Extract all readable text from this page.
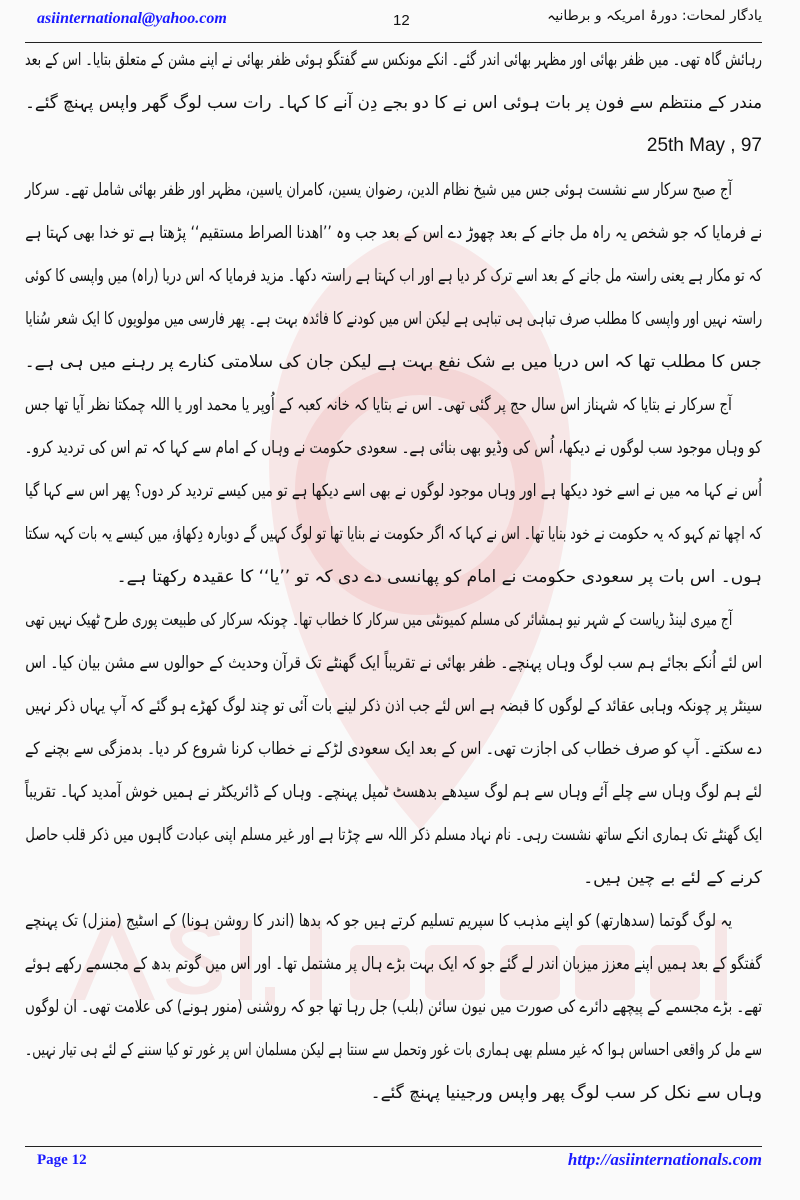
asiinternational@yahoo.com	12	یادگار لمحات: دورۂ امریکہ و برطانیہ
25th May , 97
رہائش گاہ تھی۔ میں ظفر بھائی اور مظہر بھائی اندر گئے۔ انکے مونکس سے گفتگو ہوئی ظفر بھائی نے اپنے مشن کے متعلق بتایا۔ اس کے بعد
مندر کے منتظم سے فون پر بات ہوئی اس نے کا دو بجے دِن آنے کا کہا۔ رات سب لوگ گھر واپس پہنچ گئے۔
آج صبح سرکار سے نشست ہوئی جس میں شیخ نظام الدین، رضوان یسین، کامران یاسین، مظہر اور ظفر بھائی شامل تھے۔ سرکار
نے فرمایا کہ جو شخص یہ راہ مل جانے کے بعد چھوڑ دے اس کے بعد جب وہ ’’اھدنا الصراط مستقیم‘‘ پڑھتا ہے تو خدا بھی کہتا ہے
کہ تو مکار ہے یعنی راستہ مل جانے کے بعد اسے ترک کر دیا ہے اور اب کہتا ہے راستہ دکھا۔ مزید فرمایا کہ اس دریا (راہ) میں واپسی کا کوئی
راستہ نہیں اور واپسی کا مطلب صرف تباہی ہی تباہی ہے لیکن اس میں کودنے کا فائدہ بہت ہے۔ پھر فارسی میں مولویوں کا ایک شعر سُنایا
جس کا مطلب تھا کہ اس دریا میں بے شک نفع بہت ہے لیکن جان کی سلامتی کنارے پر رہنے میں ہی ہے۔
آج سرکار نے بتایا کہ شہناز اس سال حج پر گئی تھی۔ اس نے بتایا کہ خانہ کعبہ کے اُوپر یا محمد اور یا اللہ چمکتا نظر آیا تھا جس
کو وہاں موجود سب لوگوں نے دیکھا، اُس کی وڈیو بھی بنائی ہے۔ سعودی حکومت نے وہاں کے امام سے کہا کہ تم اس کی تردید کرو۔
اُس نے کہا مہ میں نے اسے خود دیکھا ہے اور وہاں موجود لوگوں نے بھی اسے دیکھا ہے تو میں کیسے تردید کر دوں؟ پھر اس سے کہا گیا
کہ اچھا تم کہو کہ یہ حکومت نے خود بنایا تھا۔ اس نے کہا کہ اگر حکومت نے بنایا تھا تو لوگ کہیں گے دوبارہ دِکھاؤ، میں کیسے یہ بات کہہ سکتا
ہوں۔ اس بات پر سعودی حکومت نے امام کو پھانسی دے دی کہ تو ’’یا‘‘ کا عقیدہ رکھتا ہے۔
آج میری لینڈ ریاست کے شہر نیو ہمشائر کی مسلم کمیونٹی میں سرکار کا خطاب تھا۔ چونکہ سرکار کی طبیعت پوری طرح ٹھیک نہیں تھی
اس لئے اُنکے بجائے ہم سب لوگ وہاں پہنچے۔ ظفر بھائی نے تقریباً ایک گھنٹے تک قرآن وحدیث کے حوالوں سے مشن بیان کیا۔ اس
سینٹر پر چونکہ وہابی عقائد کے لوگوں کا قبضہ ہے اس لئے جب اذن ذکر لینے بات آئی تو چند لوگ کھڑے ہو گئے کہ آپ یہاں ذکر نہیں
دے سکتے۔ آپ کو صرف خطاب کی اجازت تھی۔ اس کے بعد ایک سعودی لڑکے نے خطاب کرنا شروع کر دیا۔ بدمزگی سے بچنے کے
لئے ہم لوگ وہاں سے چلے آئے وہاں سے ہم لوگ سیدھے بدھسٹ ٹمپل پہنچے۔ وہاں کے ڈائریکٹر نے ہمیں خوش آمدید کہا۔ تقریباً
ایک گھنٹے تک ہماری انکے ساتھ نشست رہی۔ نام نہاد مسلم ذکر اللہ سے چڑتا ہے اور غیر مسلم اپنی عبادت گاہوں میں ذکر قلب حاصل
کرنے کے لئے بے چین ہیں۔
یہ لوگ گوتما (سدھارتھ) کو اپنے مذہب کا سپریم تسلیم کرتے ہیں جو کہ بدھا (اندر کا روشن ہونا) کے اسٹیج (منزل) تک پہنچے
گفتگو کے بعد ہمیں اپنے معزز میزبان اندر لے گئے جو کہ ایک بہت بڑے ہال پر مشتمل تھا۔ اور اس میں گوتم بدھ کے مجسمے رکھے ہوئے
تھے۔ بڑے مجسمے کے پیچھے دائرے کی صورت میں نیون سائن (بلب) جل رہا تھا جو کہ روشنی (منور ہونے) کی علامت تھی۔ ان لوگوں
سے مل کر واقعی احساس ہوا کہ غیر مسلم بھی ہماری بات غور وتحمل سے سنتا ہے لیکن مسلمان اس پر غور تو کیا سننے کے لئے ہی تیار نہیں۔
وہاں سے نکل کر سب لوگ پھر واپس ورجینیا پہنچ گئے۔
Page 12	http://asiinternationals.com
